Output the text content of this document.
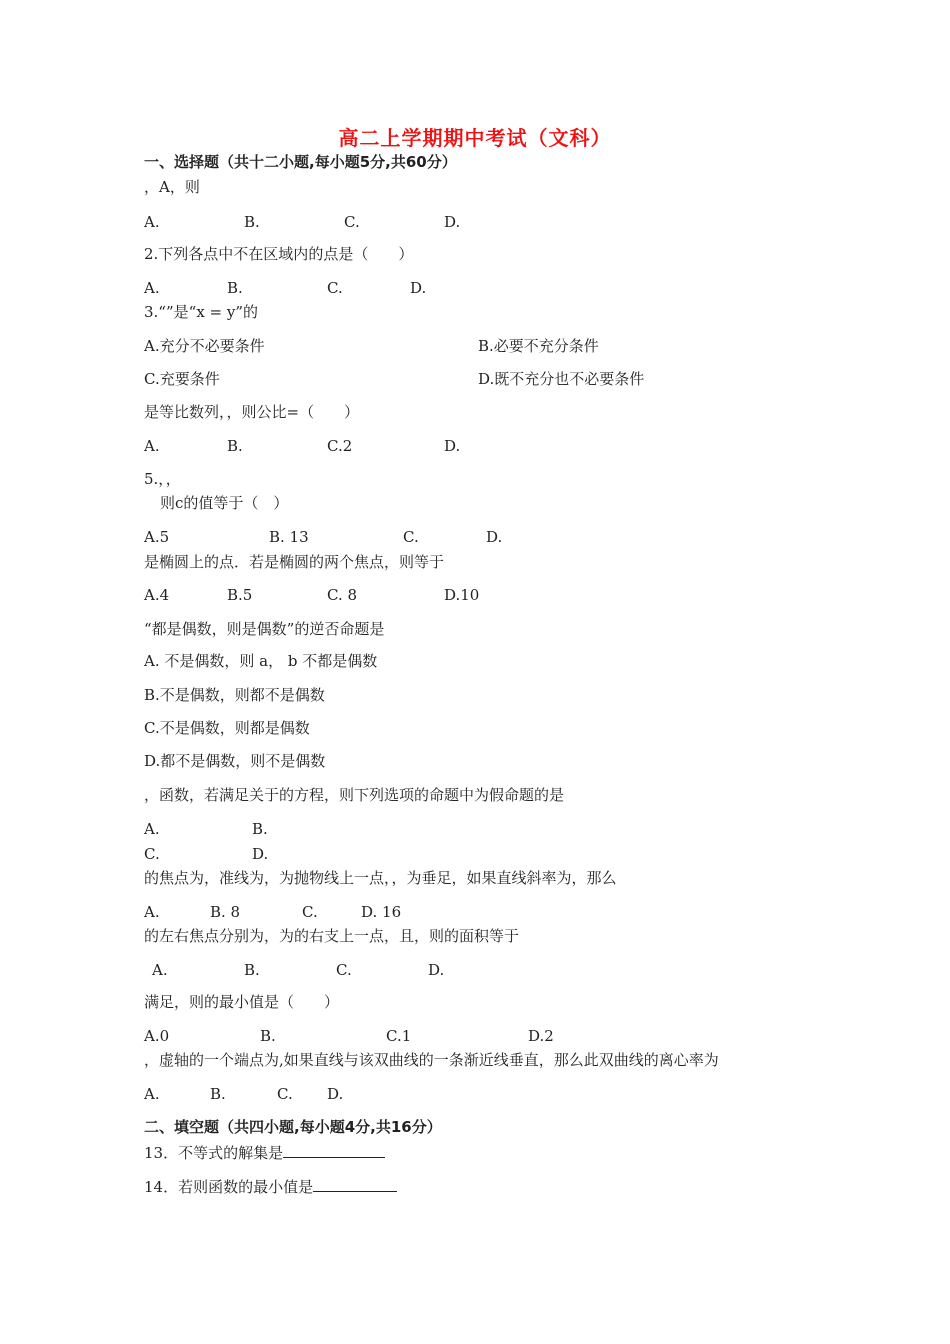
高二上学期期中考试（文科）
一、选择题（共十二小题,每小题5分,共60分）
，A，则
A.	B.	C.	D.
2.下列各点中不在区域内的点是（　　）
A.	B.	C.	D.
3.“”是“x = y”的
A.充分不必要条件	B.必要不充分条件
C.充要条件	D.既不充分也不必要条件
是等比数列，，则公比=（　　）
A.	B.	C.2	D.
5.，，
则c的值等于（　）
A.5	B. 13	C.	D.
是椭圆上的点．若是椭圆的两个焦点，则等于
A.4	B.5	C. 8	D.10
“都是偶数，则是偶数”的逆否命题是
A. 不是偶数，则 a， b 不都是偶数
B.不是偶数，则都不是偶数
C.不是偶数，则都是偶数
D.都不是偶数，则不是偶数
，函数，若满足关于的方程，则下列选项的命题中为假命题的是
A.	B.
C.	D.
的焦点为，准线为，为抛物线上一点，，为垂足，如果直线斜率为，那么
A.	B. 8	C.	D. 16
的左右焦点分别为，为的右支上一点，且，则的面积等于
A.	B.	C.	D.
满足，则的最小值是（　　）
A.0	B.	C.1	D.2
，虚轴的一个端点为,如果直线与该双曲线的一条渐近线垂直，那么此双曲线的离心率为
A.	B.	C. D.
二、填空题（共四小题,每小题4分,共16分）
13．不等式的解集是
14．若则函数的最小值是
